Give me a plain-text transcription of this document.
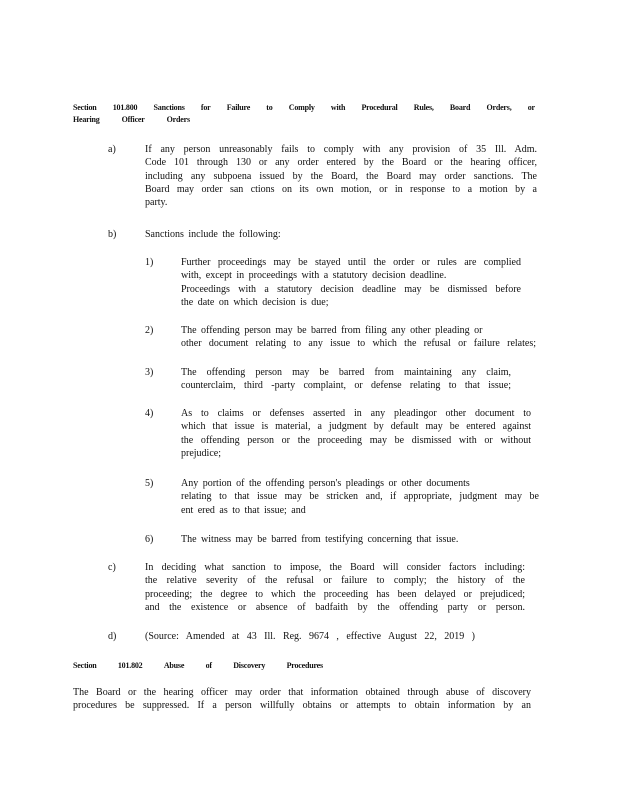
Section 101.800 Sanctions for Failure to Comply with Procedural Rules, Board Orders, or
Hearing	Officer	Orders
a)	If any person unreasonably fails to comply with any provision of 35 Ill. Adm.
Code 101 through 130 or any order entered by the Board or the hearing officer,
including any subpoena issued by the Board, the Board may order sanctions. The
Board may order san ctions on its own motion, or in response to a motion by a
party.
b)	Sanctions include the following:
1)	Further proceedings may be stayed until the order or rules are complied
with, except in proceedings with a statutory decision deadline.
Proceedings with a statutory decision deadline may be dismissed before
the date on which decision is due;
2)	The offending person may be barred from filing any other pleading or
other document relating to any issue to which the refusal or failure relates;
3)	The offending person may be barred from maintaining any claim,
counterclaim, third -party complaint, or defense relating to that issue;
4)	As to claims or defenses asserted in any pleadingor other document to
which that issue is material, a judgment by default may be entered against
the offending person or the proceeding may be dismissed with or without
prejudice;
5)	Any portion of the offending person's pleadings or other documents
relating to that issue may be stricken and, if appropriate, judgment may be
ent ered as to that issue; and
6)	The witness may be barred from testifying concerning that issue.
c)	In deciding what sanction to impose, the Board will consider factors including:
the relative severity of the refusal or failure to comply; the history of the
proceeding; the degree to which the proceeding has been delayed or prejudiced;
and the existence or absence of badfaith by the offending party or person.
d)	(Source: Amended at 43 Ill. Reg. 9674 , effective August 22, 2019 )
Section	101.802	Abuse	of	Discovery	Procedures
The Board or the hearing officer may order that information obtained through abuse of discovery
procedures be suppressed. If a person willfully obtains or attempts to obtain information by an
